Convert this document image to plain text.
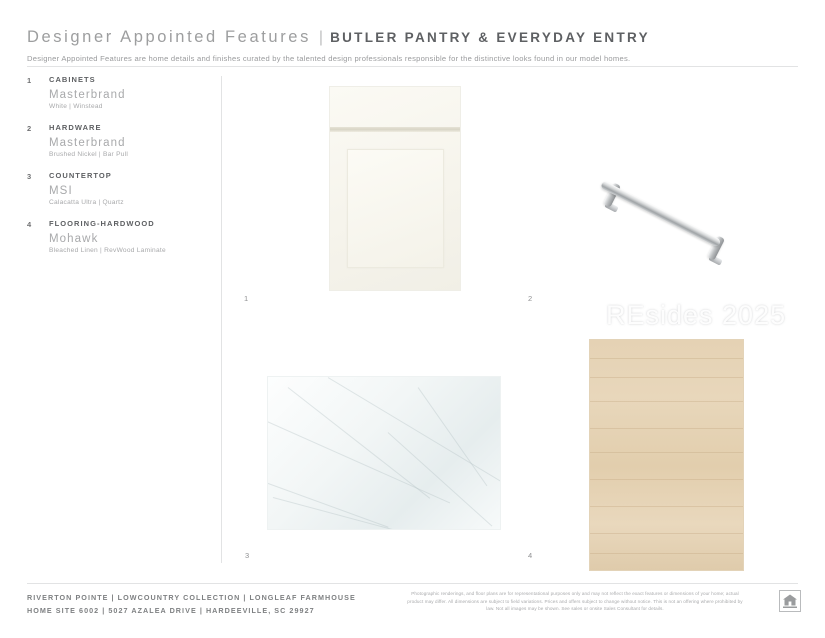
Designer Appointed Features | BUTLER PANTRY & EVERYDAY ENTRY
Designer Appointed Features are home details and finishes curated by the talented design professionals responsible for the distinctive looks found in our model homes.
1 CABINETS
Masterbrand
White | Winstead
2 HARDWARE
Masterbrand
Brushed Nickel | Bar Pull
3 COUNTERTOP
MSI
Calacatta Ultra | Quartz
4 FLOORING-HARDWOOD
Mohawk
Bleached Linen | RevWood Laminate
1	2
3	4
REsides 2025
RIVERTON POINTE | LOWCOUNTRY COLLECTION | LONGLEAF FARMHOUSE
HOME SITE 6002 | 5027 AZALEA DRIVE | HARDEEVILLE, SC 29927
Photographic renderings, and floor plans are for representational purposes only and may not reflect the exact features or dimensions of your home; actual product may differ. All dimensions are subject to field variations. Prices and offers subject to change without notice. This is not an offering where prohibited by law. Not all images may be shown. See sales or onsite Sales Consultant for details.
